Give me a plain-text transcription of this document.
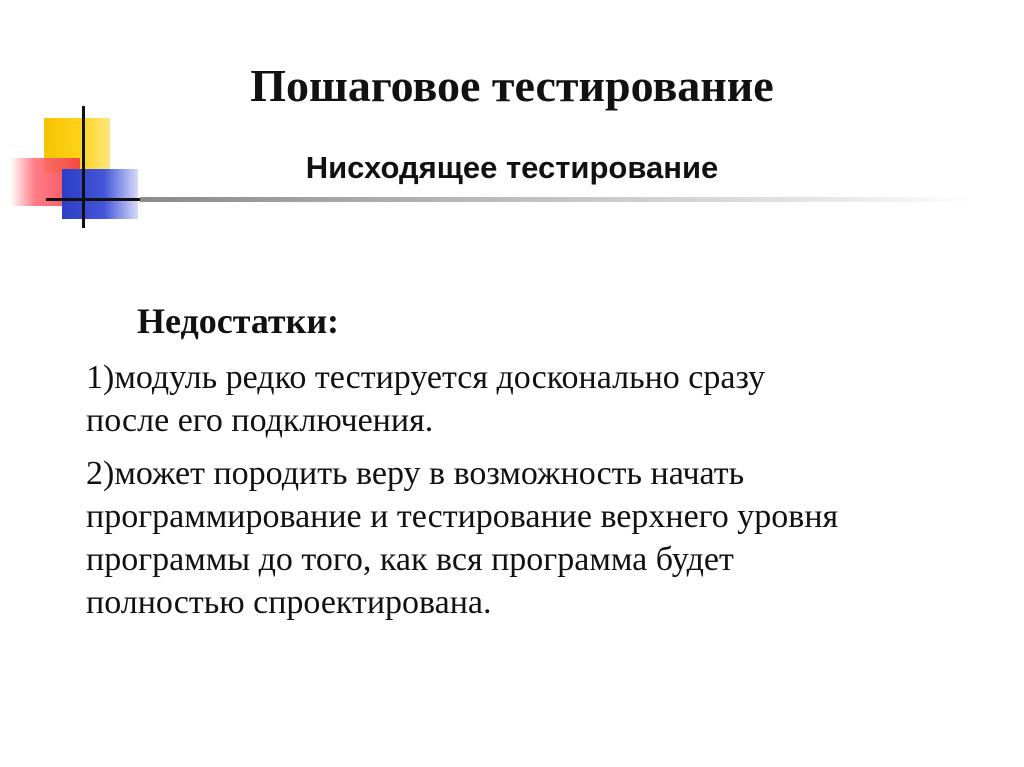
Пошаговое тестирование
Нисходящее тестирование
Недостатки:
1)модуль редко тестируется досконально сразу
после его подключения.
2)может породить веру в возможность начать
программирование и тестирование верхнего уровня
программы до того, как вся программа будет
полностью спроектирована.
